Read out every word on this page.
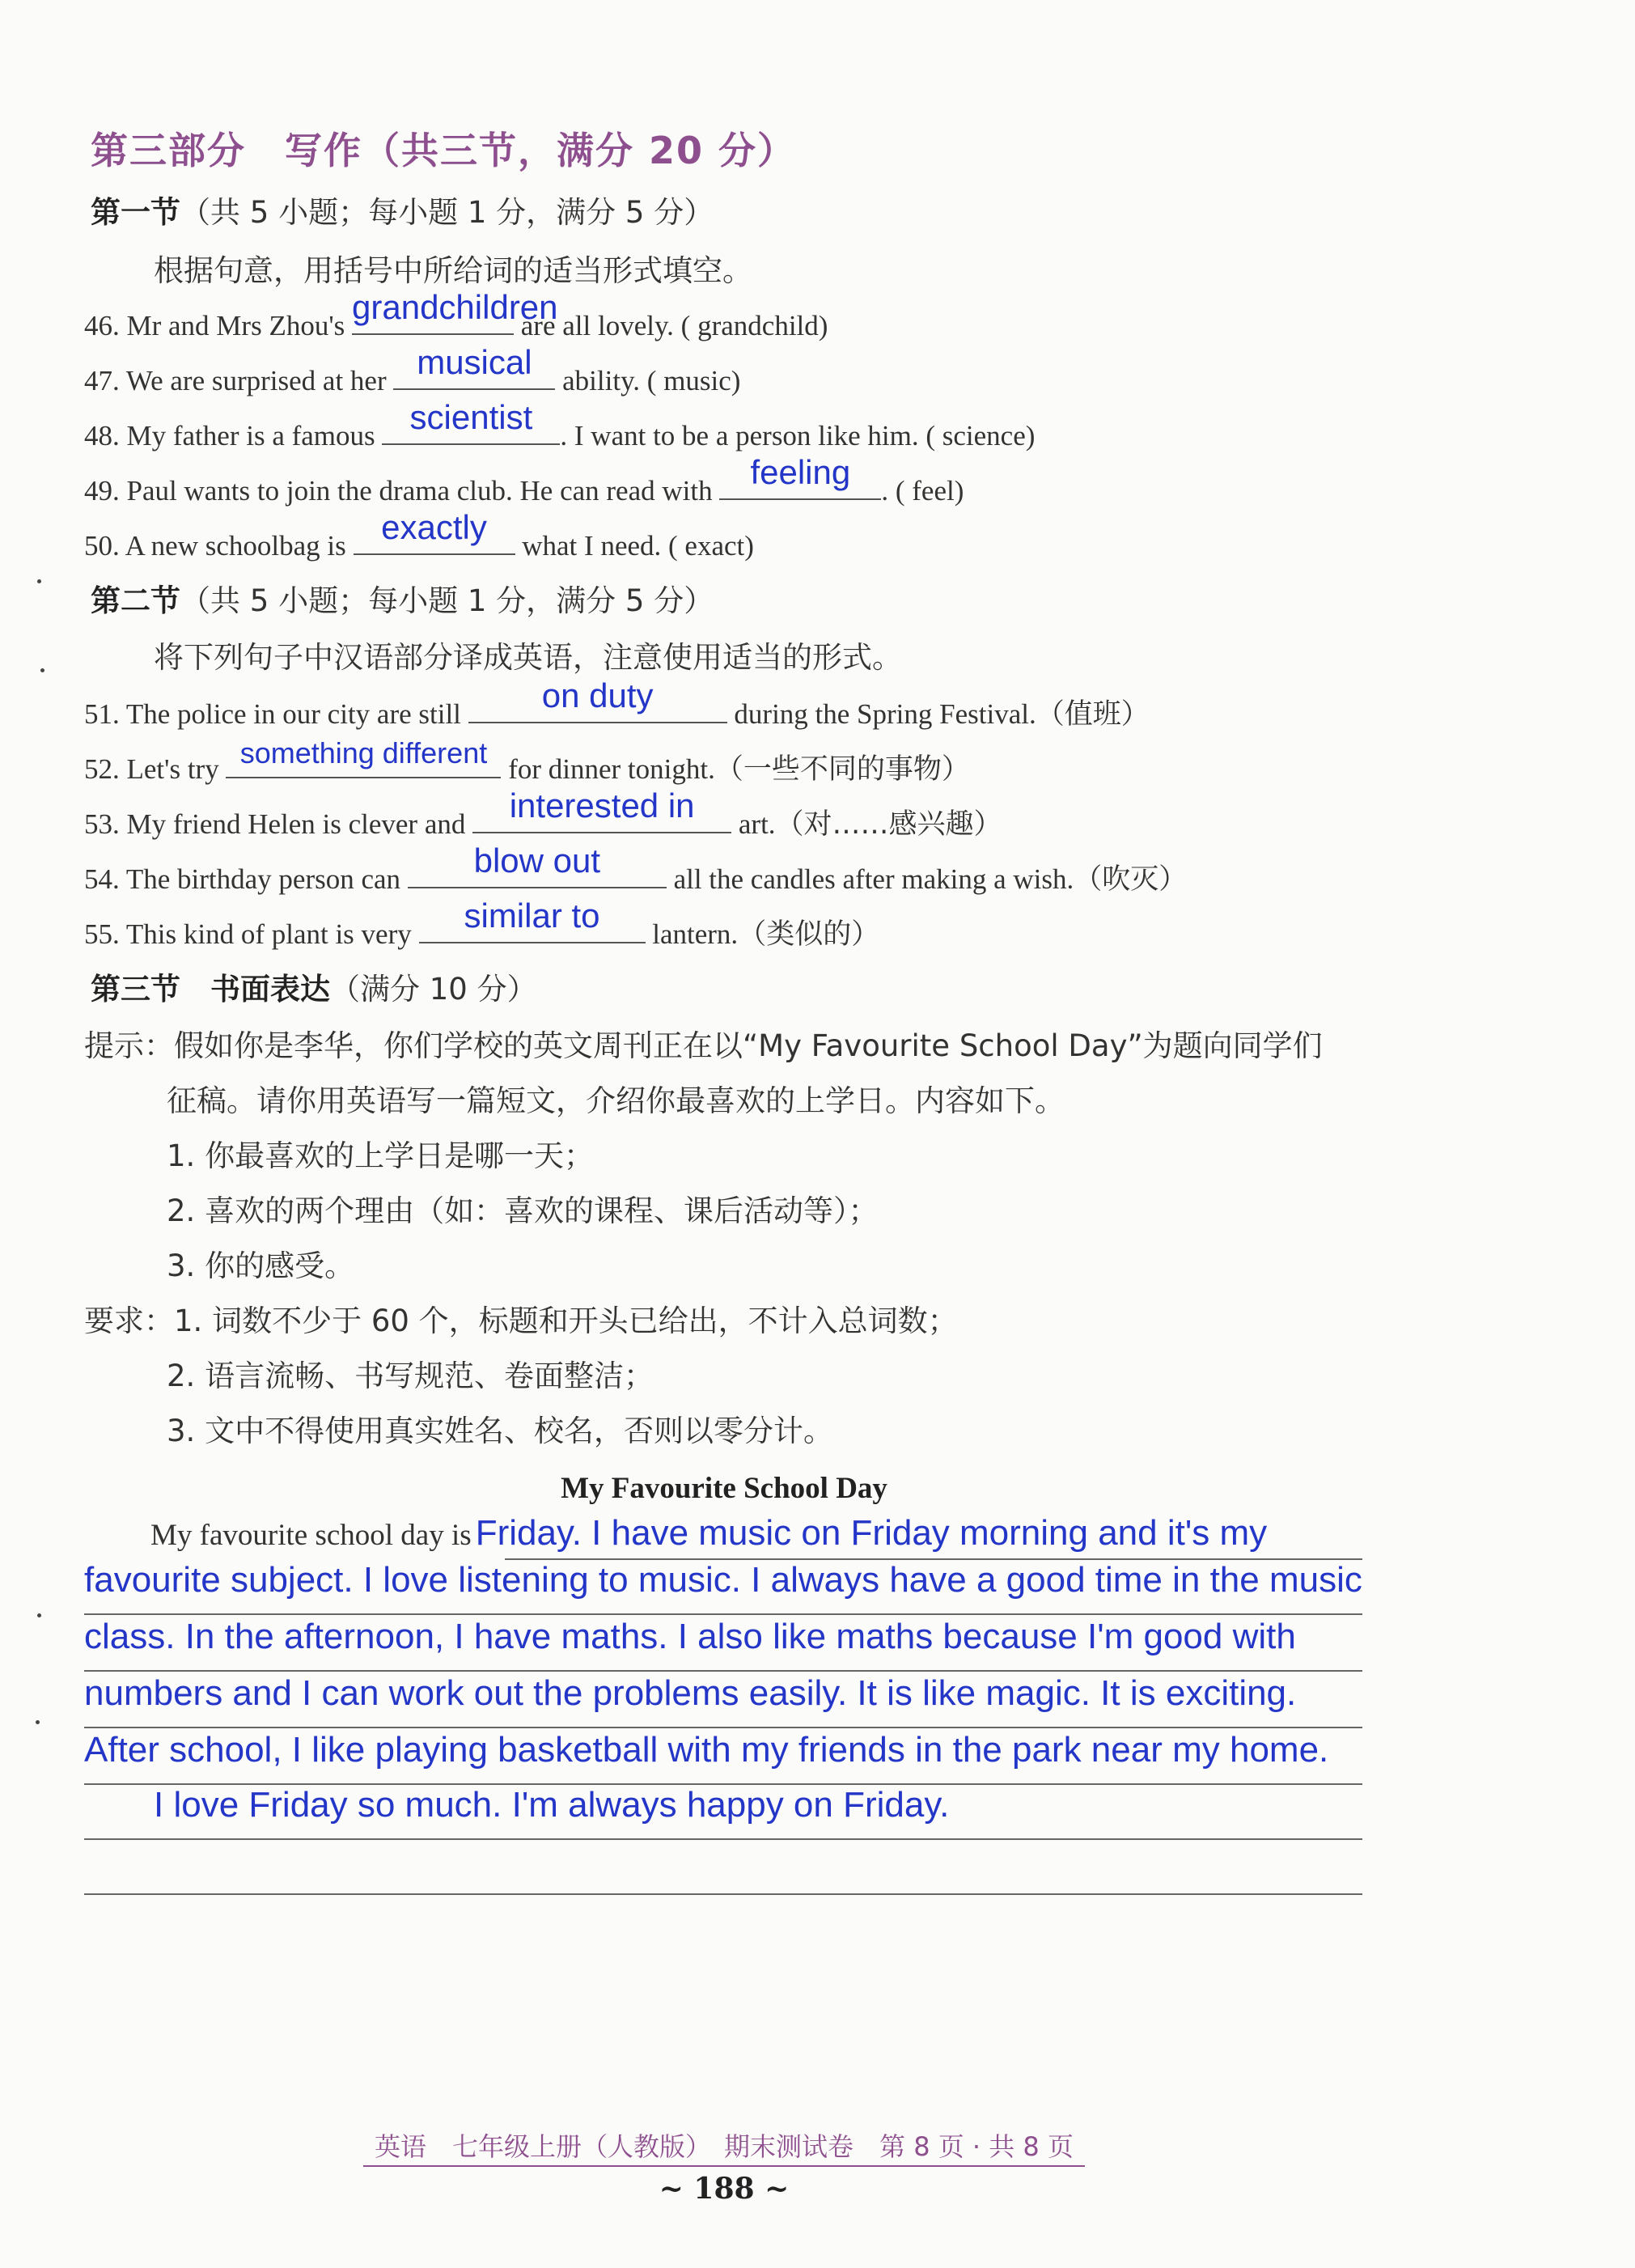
第三部分　写作（共三节，满分 20 分）
第一节（共 5 小题；每小题 1 分，满分 5 分）
根据句意，用括号中所给词的适当形式填空。
46. Mr and Mrs Zhou's grandchildren
are all lovely. ( grandchild)
47. We are surprised at her musical	ability. ( music)
48. My father is a famous	scientist . I want to be a person like him. ( science)
49. Paul wants to join the drama club. He can read with	feeling	. ( feel)
50. A new schoolbag is	exactly	what I need. ( exact)
第二节（共 5 小题；每小题 1 分，满分 5 分）
将下列句子中汉语部分译成英语，注意使用适当的形式。
51. The police in our city are still	on duty	during the Spring Festival.（值班）
52. Let's try something different for dinner tonight.（一些不同的事物）
53. My friend Helen is clever and	interested in	art.（对……感兴趣）
54. The birthday person can	blow out	all the candles after making a wish.（吹灭）
55. This kind of plant is very	similar to	lantern.（类似的）
第三节　书面表达（满分 10 分）
提示：假如你是李华，你们学校的英文周刊正在以“My Favourite School Day”为题向同学们
征稿。请你用英语写一篇短文，介绍你最喜欢的上学日。内容如下。
1. 你最喜欢的上学日是哪一天；
2. 喜欢的两个理由（如：喜欢的课程、课后活动等）；
3. 你的感受。
要求：1. 词数不少于 60 个，标题和开头已给出，不计入总词数；
2. 语言流畅、书写规范、卷面整洁；
3. 文中不得使用真实姓名、校名，否则以零分计。
My Favourite School Day
My favourite school day is Friday. I have music on Friday morning and it's my
favourite subject. I love listening to music. I always have a good time in the music
class. In the afternoon, I have maths. I also like maths because I'm good with
numbers and I can work out the problems easily. It is like magic. It is exciting.
After school, I like playing basketball with my friends in the park near my home.
I love Friday so much. I'm always happy on Friday.
英语　七年级上册（人教版）　期末测试卷　第 8 页 · 共 8 页
~ 188 ~
